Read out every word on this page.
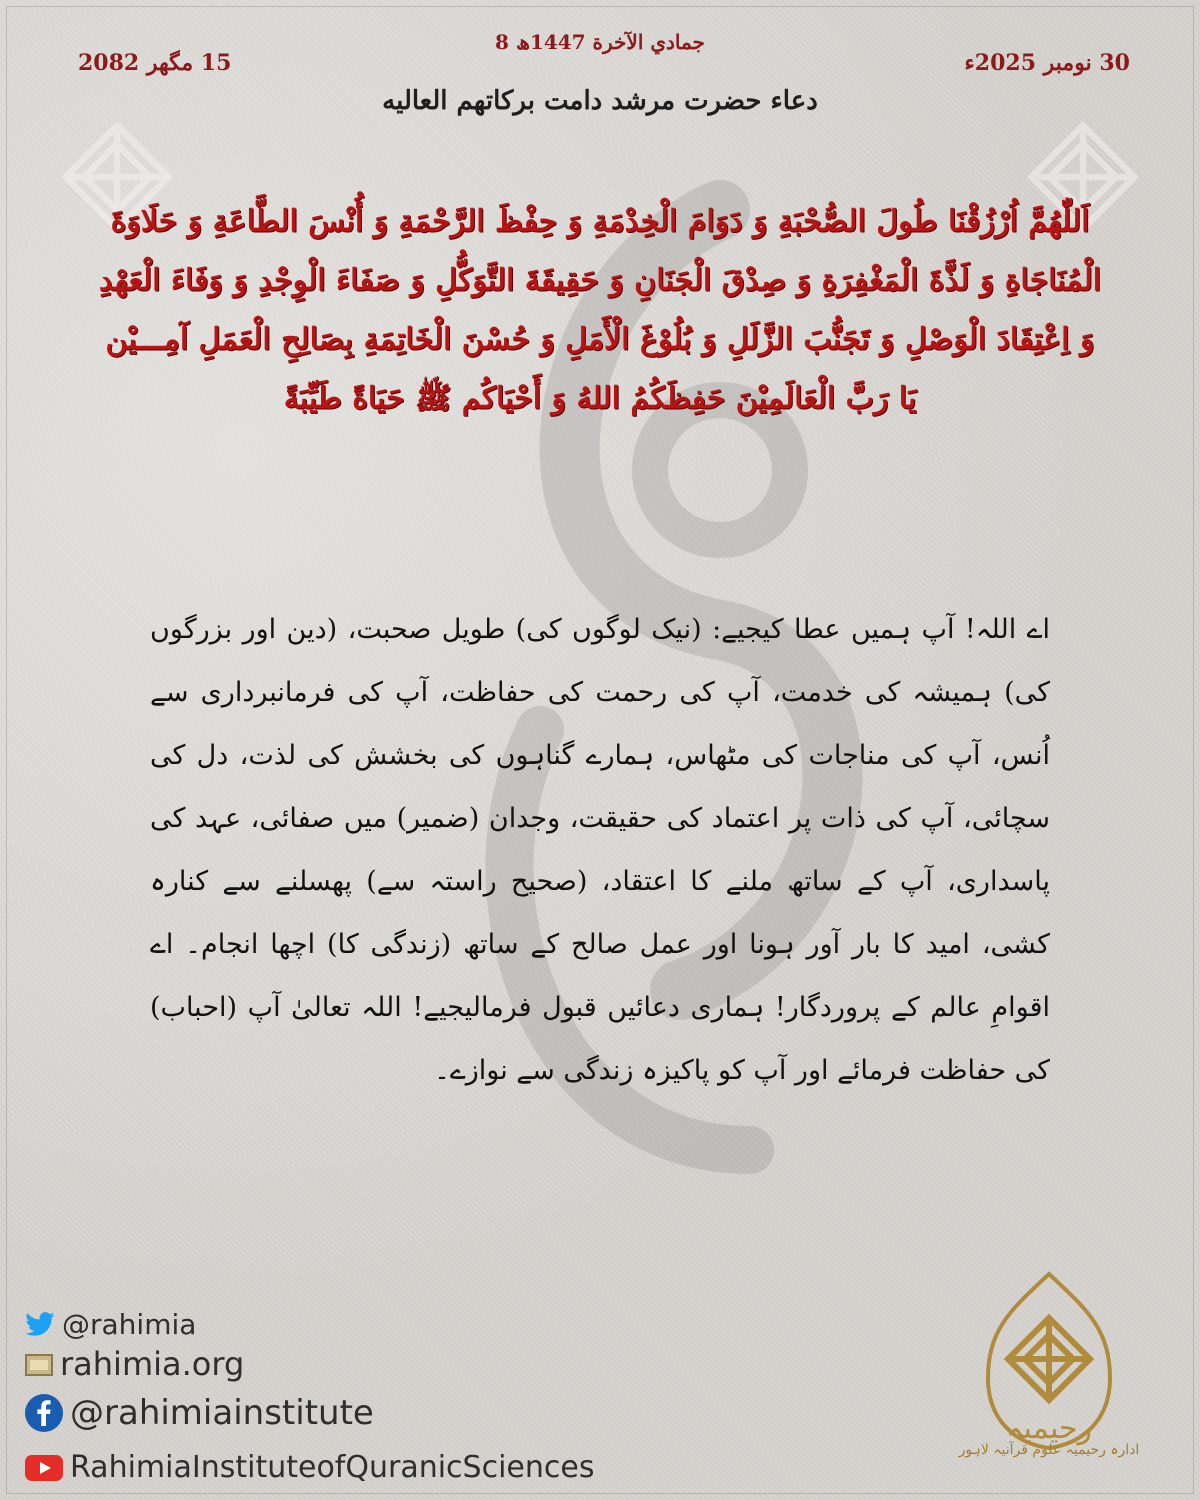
8 جمادي الآخرة 1447ھ
30 نومبر 2025ء
15 مگھر 2082
دعاء حضرت مرشد دامت برکاتهم العاليه
اَللّٰهُمَّ اُرْزُقْنَا طُولَ الصُّحْبَةِ وَ دَوَامَ الْخِدْمَةِ وَ حِفْظَ الرَّحْمَةِ وَ أُنْسَ الطَّاعَةِ وَ حَلَاوَةَ الْمُنَاجَاةِ وَ لَذَّةَ الْمَغْفِرَةِ وَ صِدْقَ الْجَنَانِ وَ حَقِيقَةَ التَّوَكُّلِ وَ صَفَاءَ الْوِجْدِ وَ وَفَاءَ الْعَهْدِ وَ اِعْتِقَادَ الْوَصْلِ وَ تَجَنُّبَ الزَّلَلِ وَ بُلُوْغَ الْأَمَلِ وَ حُسْنَ الْخَاتِمَةِ بِصَالِحِ الْعَمَلِ آمِـــيْن يَا رَبَّ الْعَالَمِيْنَ حَفِظَكُمُ اللهُ وَ أَحْيَاكُم ﷺ حَيَاةً طَيِّبَةً
اے اللہ! آپ ہمیں عطا کیجیے: (نیک لوگوں کی) طویل صحبت، (دین اور بزرگوں کی) ہمیشہ کی خدمت، آپ کی رحمت کی حفاظت، آپ کی فرمانبرداری سے اُنس، آپ کی مناجات کی مٹھاس، ہمارے گناہوں کی بخشش کی لذت، دل کی سچائی، آپ کی ذات پر اعتماد کی حقیقت، وجدان (ضمیر) میں صفائی، عہد کی پاسداری، آپ کے ساتھ ملنے کا اعتقاد، (صحیح راستہ سے) پھسلنے سے کنارہ کشی، امید کا بار آور ہونا اور عمل صالح کے ساتھ (زندگی کا) اچھا انجام۔ اے اقوامِ عالم کے پروردگار! ہماری دعائیں قبول فرمالیجیے! اللہ تعالیٰ آپ (احباب) کی حفاظت فرمائے اور آپ کو پاکیزہ زندگی سے نوازے۔
@rahimia
rahimia.org
@rahimiainstitute
RahimiaInstituteofQuranicSciences
رحیمیہ
ادارہ رحیمیہ علوم قرآنیہ لاہور
